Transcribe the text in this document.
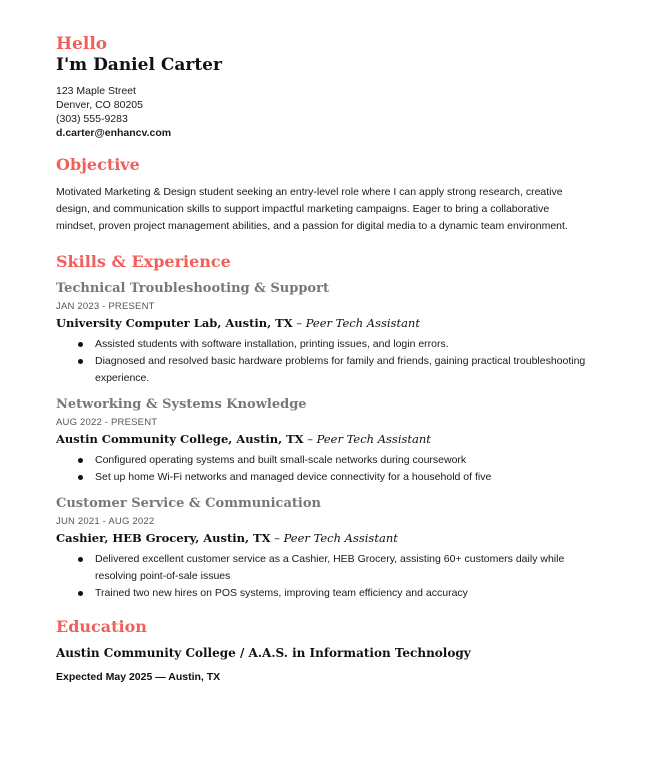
Hello
I'm Daniel Carter
123 Maple Street
Denver, CO 80205
(303) 555-9283
d.carter@enhancv.com
Objective
Motivated Marketing & Design student seeking an entry-level role where I can apply strong research, creative design, and communication skills to support impactful marketing campaigns. Eager to bring a collaborative mindset, proven project management abilities, and a passion for digital media to a dynamic team environment.
Skills & Experience
Technical Troubleshooting & Support
JAN 2023 - PRESENT
University Computer Lab, Austin, TX – Peer Tech Assistant
Assisted students with software installation, printing issues, and login errors.
Diagnosed and resolved basic hardware problems for family and friends, gaining practical troubleshooting experience.
Networking & Systems Knowledge
AUG 2022 - PRESENT
Austin Community College, Austin, TX – Peer Tech Assistant
Configured operating systems and built small-scale networks during coursework
Set up home Wi-Fi networks and managed device connectivity for a household of five
Customer Service & Communication
JUN 2021 - AUG 2022
Cashier, HEB Grocery, Austin, TX – Peer Tech Assistant
Delivered excellent customer service as a Cashier, HEB Grocery, assisting 60+ customers daily while resolving point-of-sale issues
Trained two new hires on POS systems, improving team efficiency and accuracy
Education
Austin Community College / A.A.S. in Information Technology
Expected May 2025 — Austin, TX
